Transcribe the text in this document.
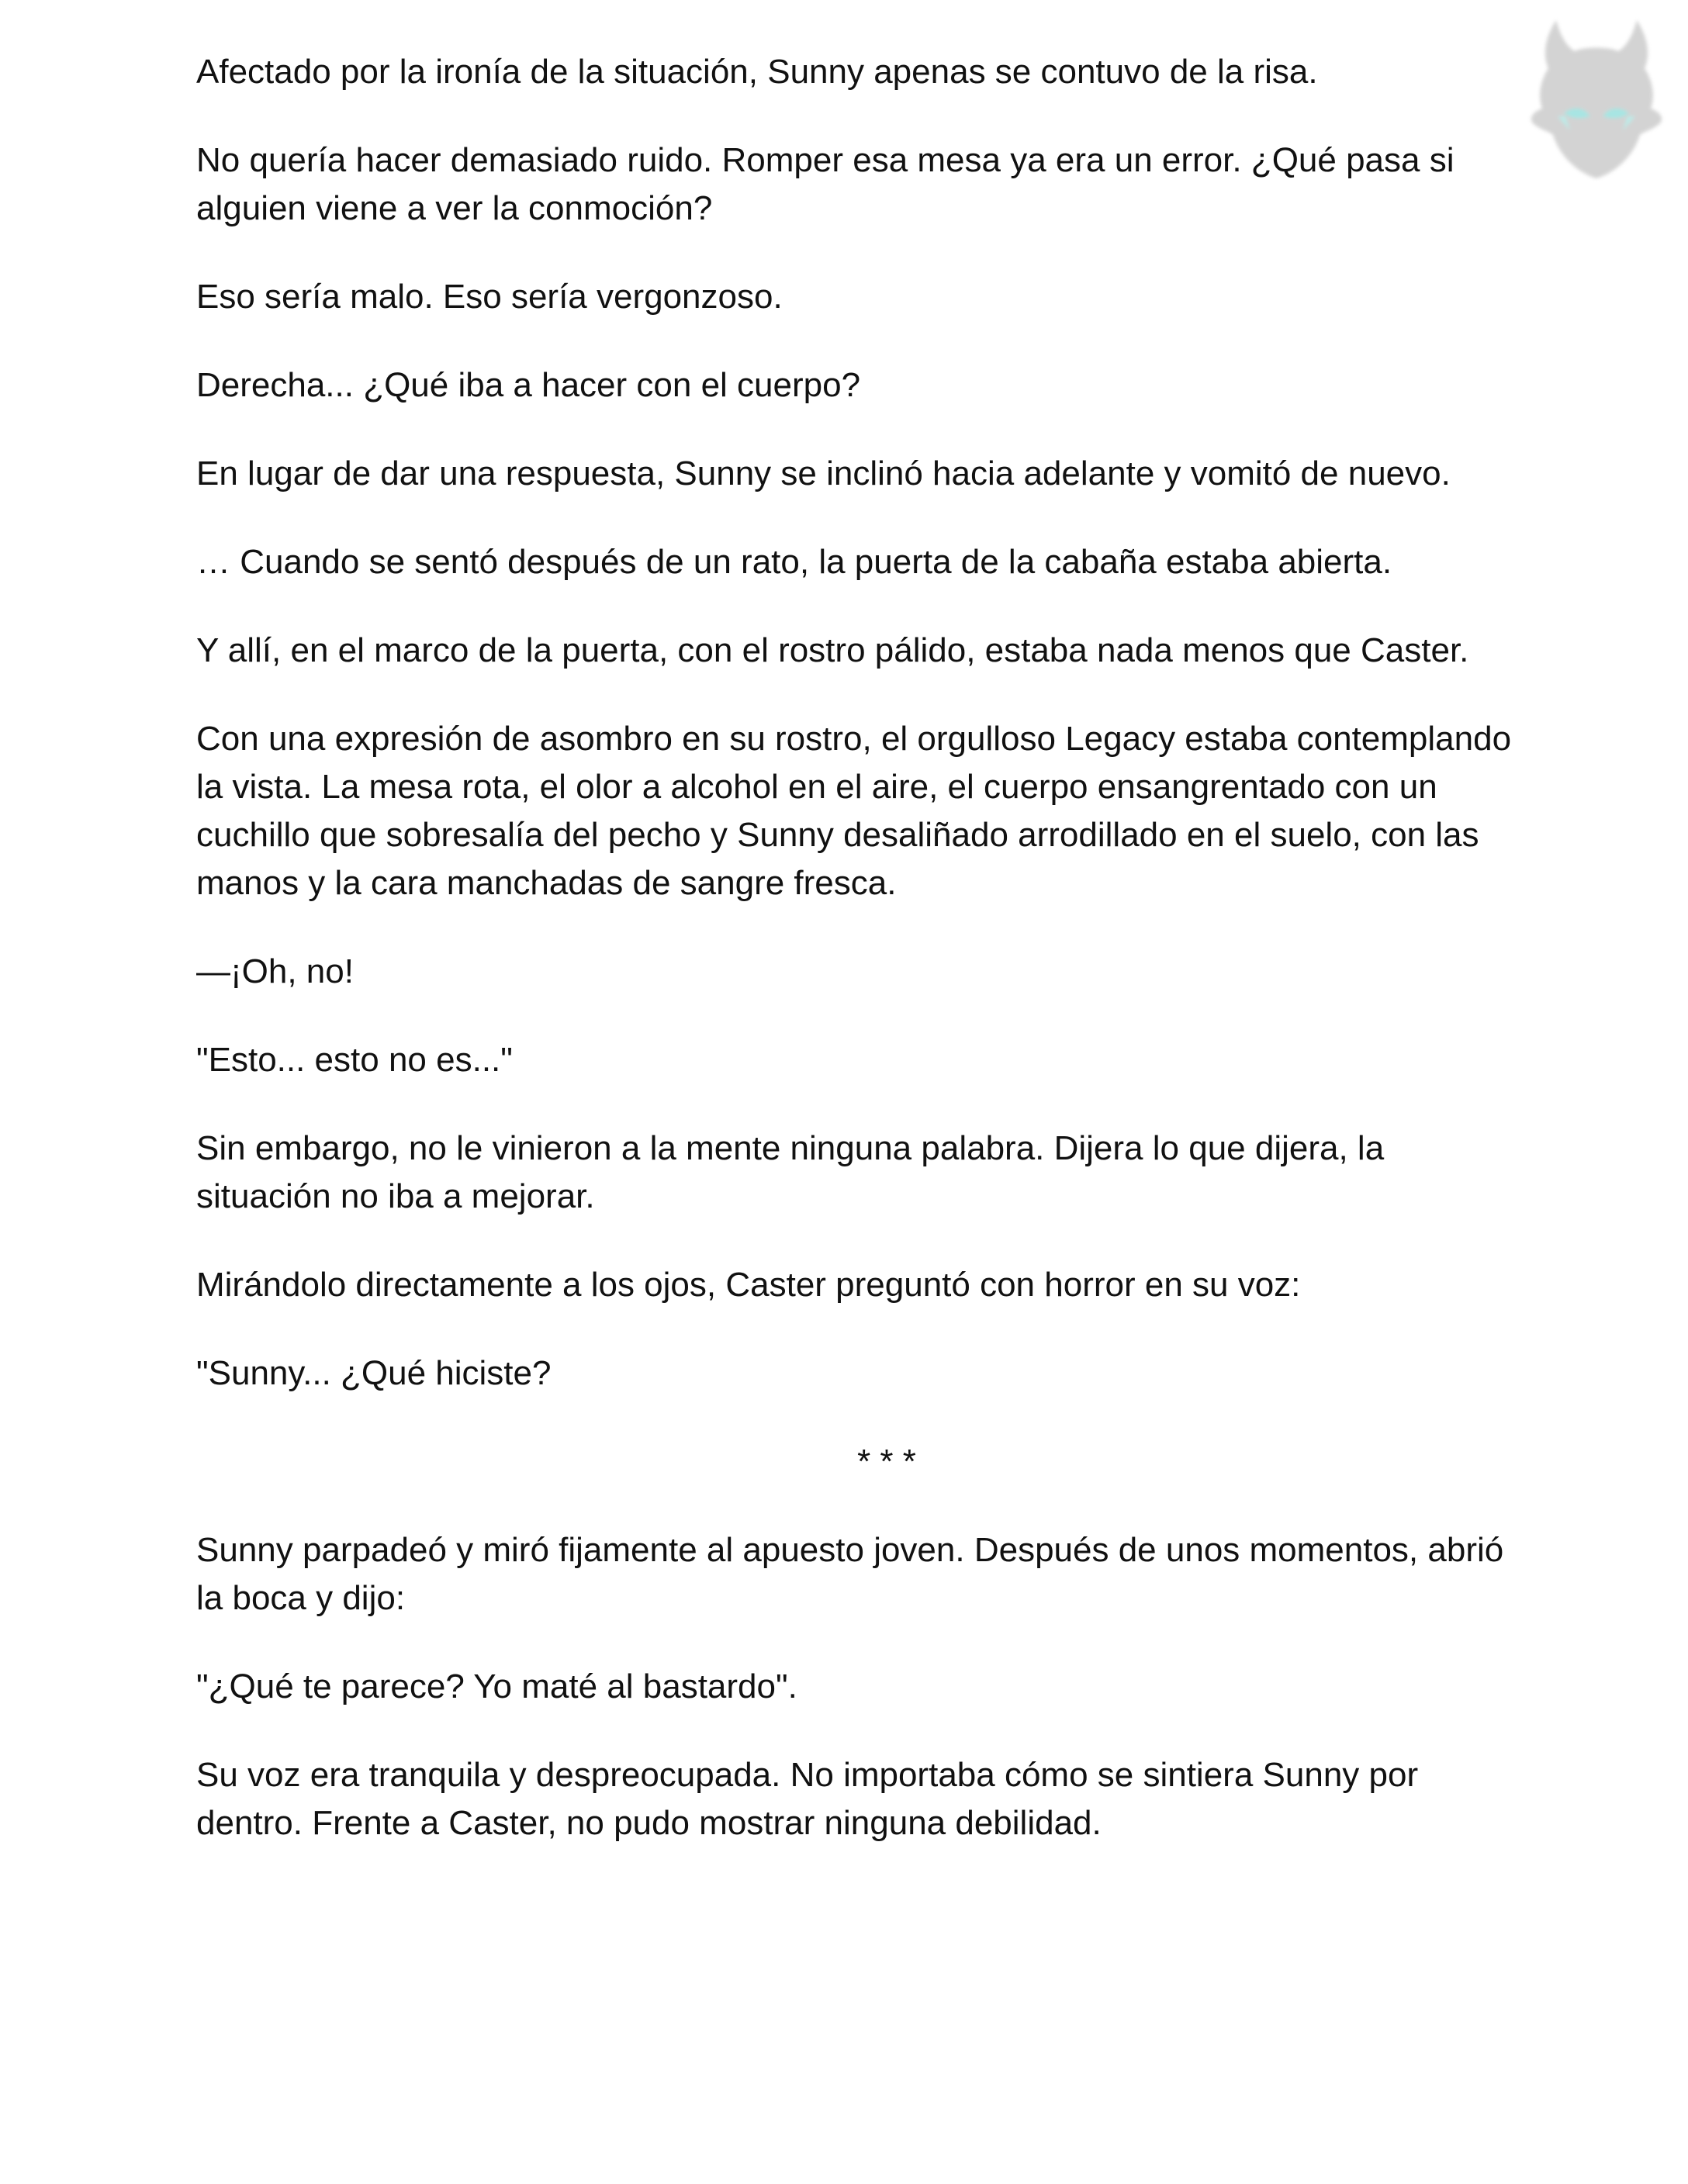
Afectado por la ironía de la situación, Sunny apenas se contuvo de la risa.

No quería hacer demasiado ruido. Romper esa mesa ya era un error. ¿Qué pasa si alguien viene a ver la conmoción?

Eso sería malo. Eso sería vergonzoso.

Derecha... ¿Qué iba a hacer con el cuerpo?

En lugar de dar una respuesta, Sunny se inclinó hacia adelante y vomitó de nuevo.

… Cuando se sentó después de un rato, la puerta de la cabaña estaba abierta.

Y allí, en el marco de la puerta, con el rostro pálido, estaba nada menos que Caster.

Con una expresión de asombro en su rostro, el orgulloso Legacy estaba contemplando la vista. La mesa rota, el olor a alcohol en el aire, el cuerpo ensangrentado con un cuchillo que sobresalía del pecho y Sunny desaliñado arrodillado en el suelo, con las manos y la cara manchadas de sangre fresca.

—¡Oh, no!

"Esto... esto no es..."

Sin embargo, no le vinieron a la mente ninguna palabra. Dijera lo que dijera, la situación no iba a mejorar.

Mirándolo directamente a los ojos, Caster preguntó con horror en su voz:

"Sunny... ¿Qué hiciste?

* * *

Sunny parpadeó y miró fijamente al apuesto joven. Después de unos momentos, abrió la boca y dijo:

"¿Qué te parece? Yo maté al bastardo".

Su voz era tranquila y despreocupada. No importaba cómo se sintiera Sunny por dentro. Frente a Caster, no pudo mostrar ninguna debilidad.
